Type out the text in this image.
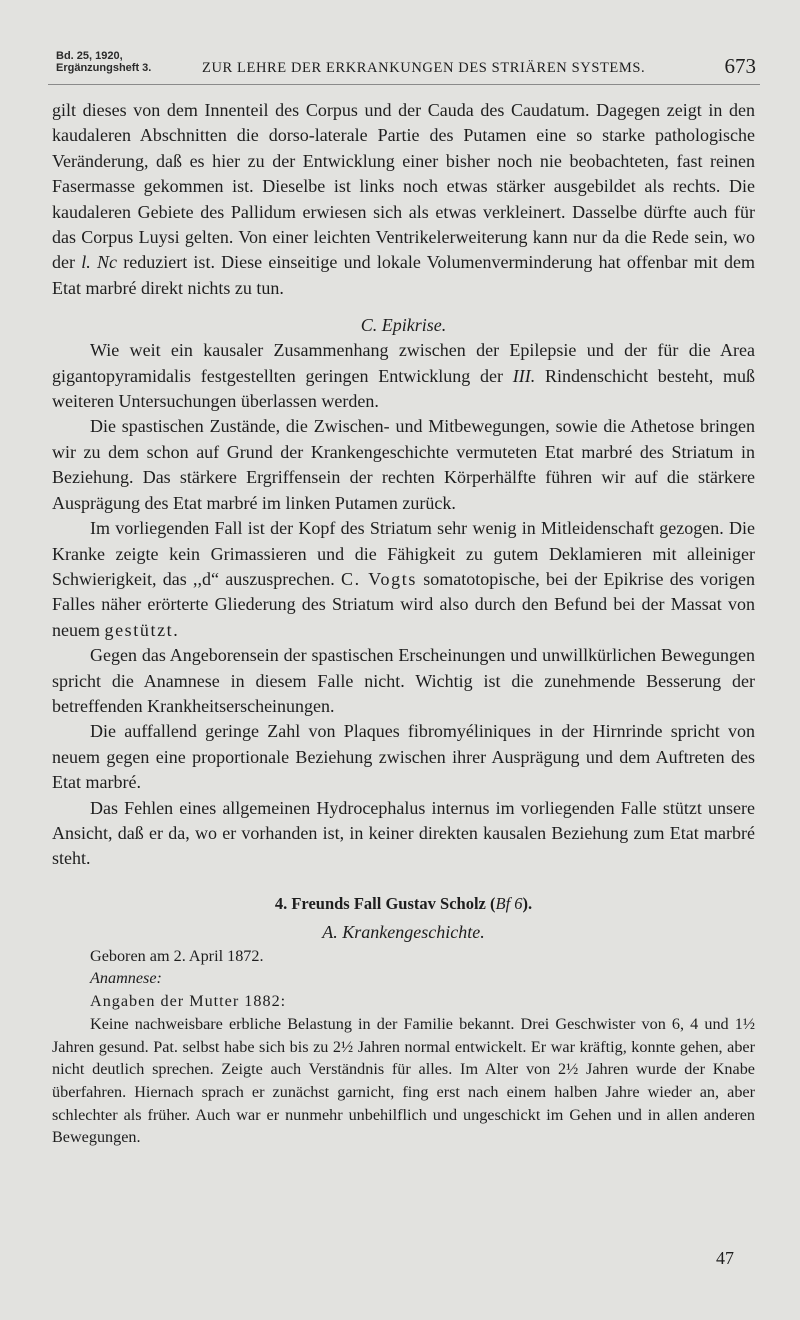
Bd. 25, 1920,
Ergänzungsheft 3.	ZUR LEHRE DER ERKRANKUNGEN DES STRIÄREN SYSTEMS.	673

gilt dieses von dem Innenteil des Corpus und der Cauda des Caudatum. Dagegen zeigt in den kaudaleren Abschnitten die dorso-laterale Partie des Putamen eine so starke pathologische Veränderung, daß es hier zu der Entwicklung einer bisher noch nie beobachteten, fast reinen Fasermasse gekommen ist. Dieselbe ist links noch etwas stärker ausgebildet als rechts. Die kaudaleren Gebiete des Pallidum erwiesen sich als etwas verkleinert. Dasselbe dürfte auch für das Corpus Luysi gelten. Von einer leichten Ventrikelerweiterung kann nur da die Rede sein, wo der l. Nc reduziert ist. Diese einseitige und lokale Volumenverminderung hat offenbar mit dem Etat marbré direkt nichts zu tun.

C. Epikrise.

Wie weit ein kausaler Zusammenhang zwischen der Epilepsie und der für die Area gigantopyramidalis festgestellten geringen Entwicklung der III. Rindenschicht besteht, muß weiteren Untersuchungen überlassen werden.

Die spastischen Zustände, die Zwischen- und Mitbewegungen, sowie die Athetose bringen wir zu dem schon auf Grund der Krankengeschichte vermuteten Etat marbré des Striatum in Beziehung. Das stärkere Ergriffensein der rechten Körperhälfte führen wir auf die stärkere Ausprägung des Etat marbré im linken Putamen zurück.

Im vorliegenden Fall ist der Kopf des Striatum sehr wenig in Mitleidenschaft gezogen. Die Kranke zeigte kein Grimassieren und die Fähigkeit zu gutem Deklamieren mit alleiniger Schwierigkeit, das ,,d“ auszusprechen. C. Vogts somatotopische, bei der Epikrise des vorigen Falles näher erörterte Gliederung des Striatum wird also durch den Befund bei der Massat von neuem gestützt.

Gegen das Angeborensein der spastischen Erscheinungen und unwillkürlichen Bewegungen spricht die Anamnese in diesem Falle nicht. Wichtig ist die zunehmende Besserung der betreffenden Krankheitserscheinungen.

Die auffallend geringe Zahl von Plaques fibromyéliniques in der Hirnrinde spricht von neuem gegen eine proportionale Beziehung zwischen ihrer Ausprägung und dem Auftreten des Etat marbré.

Das Fehlen eines allgemeinen Hydrocephalus internus im vorliegenden Falle stützt unsere Ansicht, daß er da, wo er vorhanden ist, in keiner direkten kausalen Beziehung zum Etat marbré steht.

4. Freunds Fall Gustav Scholz (Bf 6).
A. Krankengeschichte.

Geboren am 2. April 1872.

Anamnese:

Angaben der Mutter 1882:

Keine nachweisbare erbliche Belastung in der Familie bekannt. Drei Geschwister von 6, 4 und 1½ Jahren gesund. Pat. selbst habe sich bis zu 2½ Jahren normal entwickelt. Er war kräftig, konnte gehen, aber nicht deutlich sprechen. Zeigte auch Verständnis für alles. Im Alter von 2½ Jahren wurde der Knabe überfahren. Hiernach sprach er zunächst garnicht, fing erst nach einem halben Jahre wieder an, aber schlechter als früher. Auch war er nunmehr unbehilflich und ungeschickt im Gehen und in allen anderen Bewegungen.

47
